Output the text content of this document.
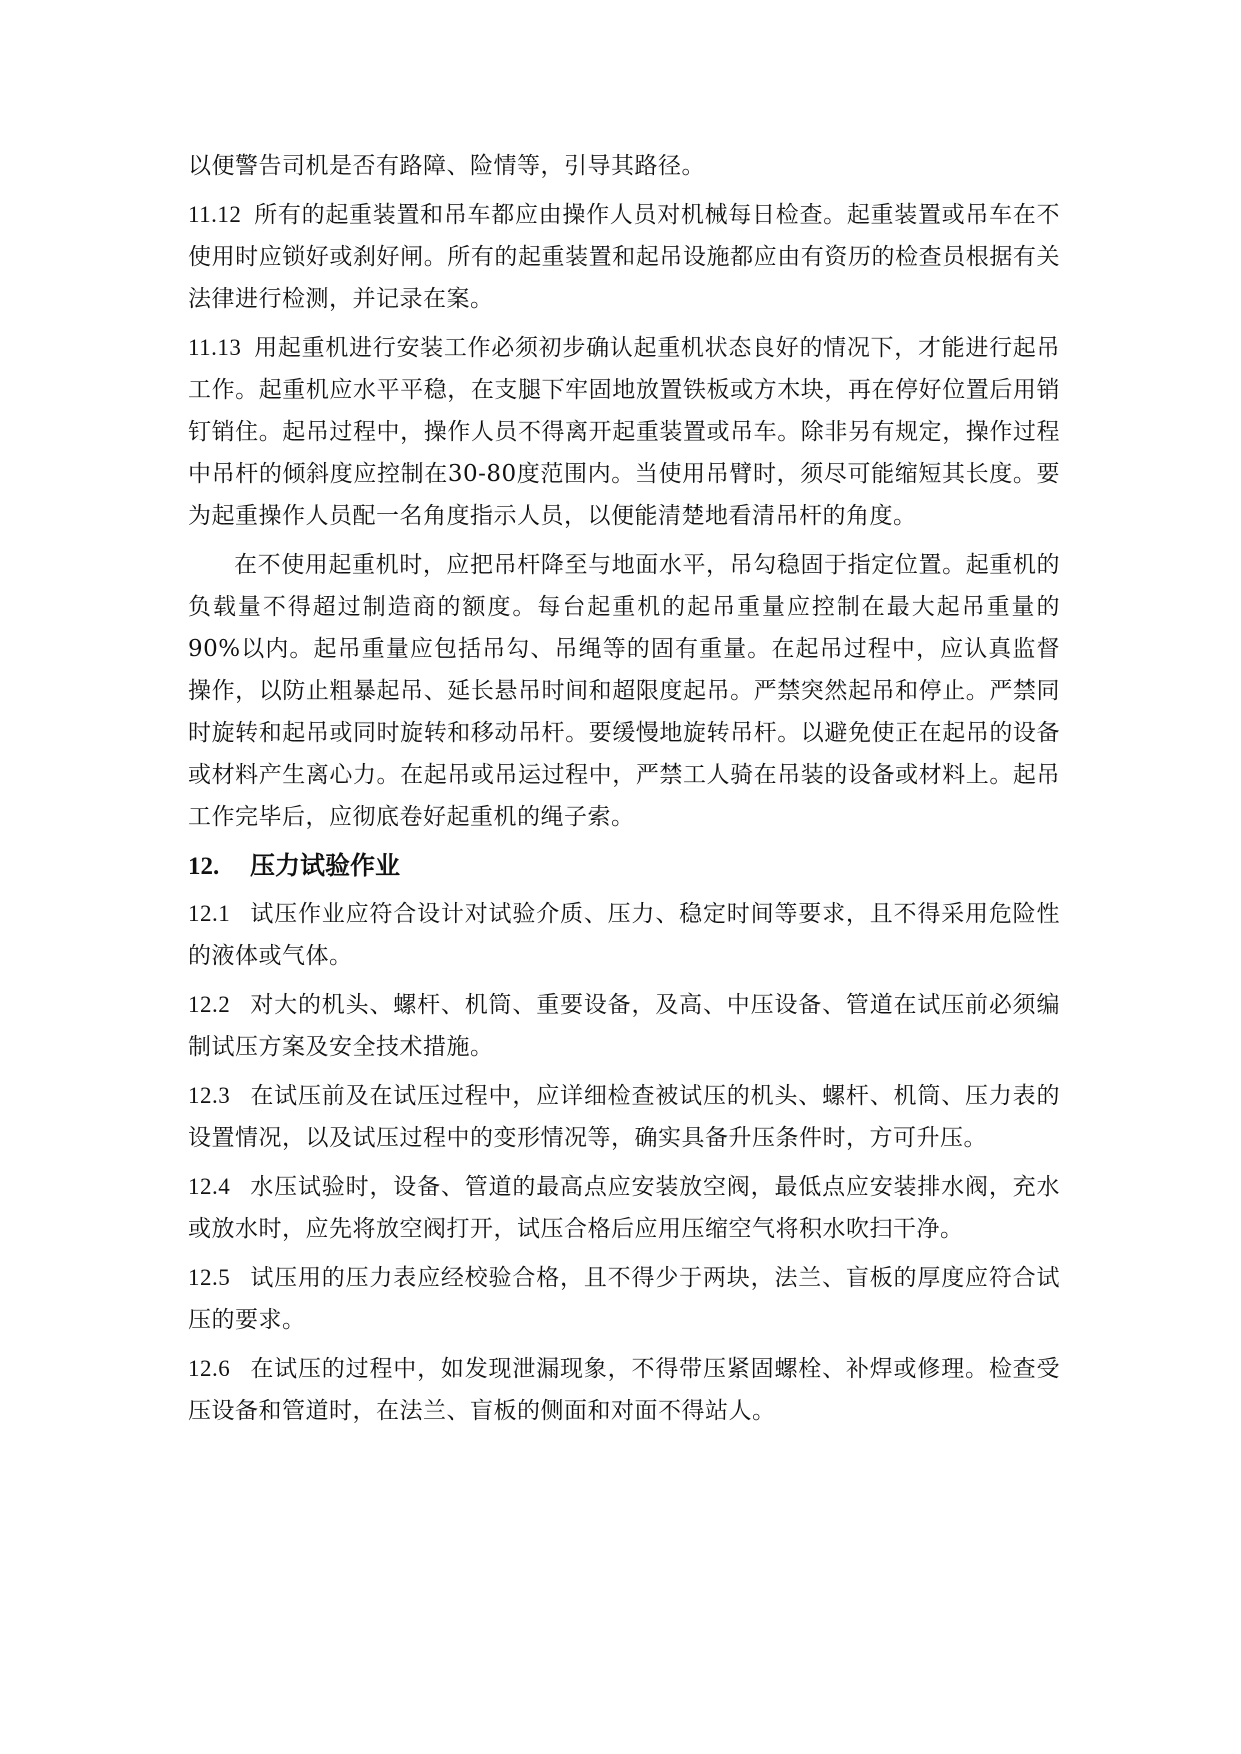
以便警告司机是否有路障、险情等，引导其路径。

11.12 所有的起重装置和吊车都应由操作人员对机械每日检查。起重装置或吊车在不使用时应锁好或刹好闸。所有的起重装置和起吊设施都应由有资历的检查员根据有关法律进行检测，并记录在案。

11.13 用起重机进行安装工作必须初步确认起重机状态良好的情况下，才能进行起吊工作。起重机应水平平稳，在支腿下牢固地放置铁板或方木块，再在停好位置后用销钉销住。起吊过程中，操作人员不得离开起重装置或吊车。除非另有规定，操作过程中吊杆的倾斜度应控制在30-80度范围内。当使用吊臂时，须尽可能缩短其长度。要为起重操作人员配一名角度指示人员，以便能清楚地看清吊杆的角度。

在不使用起重机时，应把吊杆降至与地面水平，吊勾稳固于指定位置。起重机的负载量不得超过制造商的额度。每台起重机的起吊重量应控制在最大起吊重量的90%以内。起吊重量应包括吊勾、吊绳等的固有重量。在起吊过程中，应认真监督操作，以防止粗暴起吊、延长悬吊时间和超限度起吊。严禁突然起吊和停止。严禁同时旋转和起吊或同时旋转和移动吊杆。要缓慢地旋转吊杆。以避免使正在起吊的设备或材料产生离心力。在起吊或吊运过程中，严禁工人骑在吊装的设备或材料上。起吊工作完毕后，应彻底卷好起重机的绳子索。

12. 压力试验作业

12.1 试压作业应符合设计对试验介质、压力、稳定时间等要求，且不得采用危险性的液体或气体。

12.2 对大的机头、螺杆、机筒、重要设备，及高、中压设备、管道在试压前必须编制试压方案及安全技术措施。

12.3 在试压前及在试压过程中，应详细检查被试压的机头、螺杆、机筒、压力表的设置情况，以及试压过程中的变形情况等，确实具备升压条件时，方可升压。

12.4 水压试验时，设备、管道的最高点应安装放空阀，最低点应安装排水阀，充水或放水时，应先将放空阀打开，试压合格后应用压缩空气将积水吹扫干净。

12.5 试压用的压力表应经校验合格，且不得少于两块，法兰、盲板的厚度应符合试压的要求。

12.6 在试压的过程中，如发现泄漏现象，不得带压紧固螺栓、补焊或修理。检查受压设备和管道时，在法兰、盲板的侧面和对面不得站人。
